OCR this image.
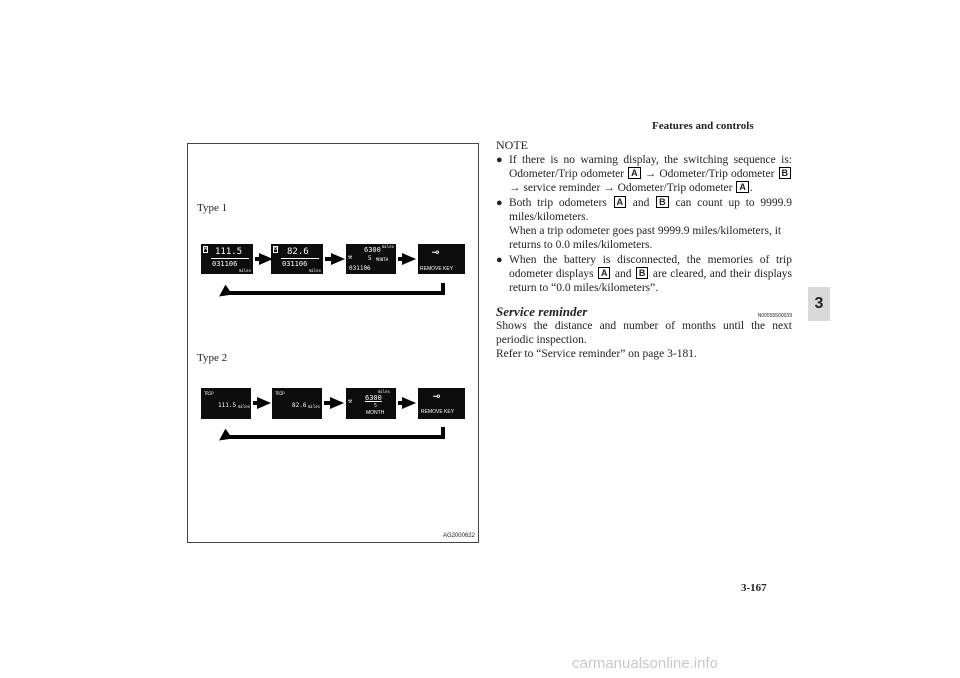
Features and controls
3
3-167
Type 1
A 111.5
031106
miles
B 82.6
031106
miles
miles
⚒
6300
5 MONTH
031106
⊸
REMOVE KEY
Type 2
TRIP
111.5 miles
TRIP
82.6 miles
miles
⚒ 6300
5
MONTH
⊸
REMOVE KEY
AG2000622
NOTE
● If there is no warning display, the switching sequence is: Odometer/Trip odometer A → Odometer/Trip odometer B → service reminder → Odometer/Trip odometer A .
● Both trip odometers A and B can count up to 9999.9 miles/kilometers.
When a trip odometer goes past 9999.9 miles/kilometers, it returns to 0.0 miles/kilometers.
● When the battery is disconnected, the memories of trip odometer displays A and B are cleared, and their displays return to “0.0 miles/kilometers”.
Service reminder	N00555500039
Shows the distance and number of months until the next periodic inspection.
Refer to “Service reminder” on page 3-181.
carmanualsonline.info
